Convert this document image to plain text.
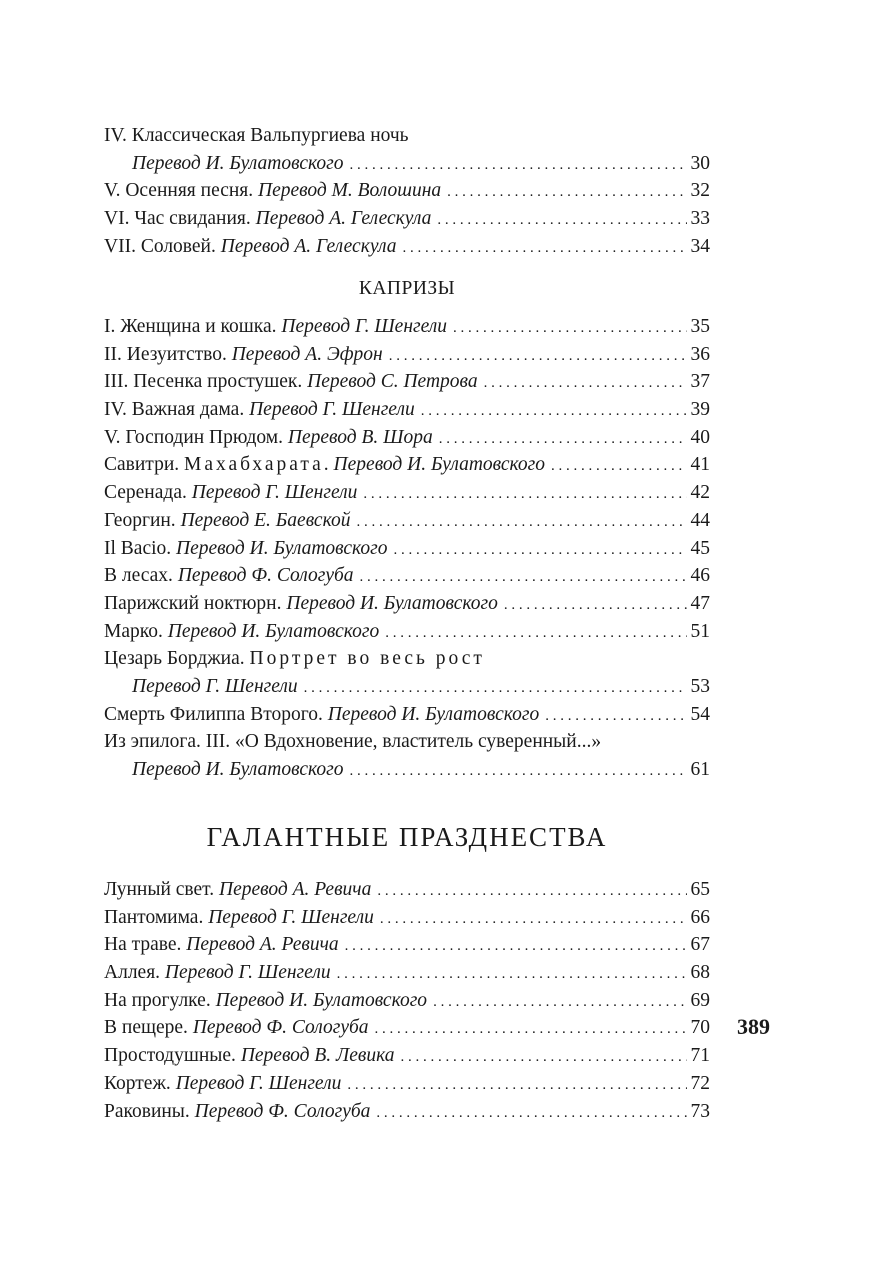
IV. Классическая Вальпургиева ночь
Перевод И. Булатовского . . .	30
V. Осенняя песня. Перевод М. Волошина . . .	32
VI. Час свидания. Перевод А. Гелескула . . .	33
VII. Соловей. Перевод А. Гелескула . . .	34
КАПРИЗЫ
I. Женщина и кошка. Перевод Г. Шенгели . . .	35
II. Иезуитство. Перевод А. Эфрон . . .	36
III. Песенка простушек. Перевод С. Петрова . . .	37
IV. Важная дама. Перевод Г. Шенгели . . .	39
V. Господин Прюдом. Перевод В. Шора . . .	40
Савитри. Махабхарата. Перевод И. Булатовского . . .	41
Серенада. Перевод Г. Шенгели . . .	42
Георгин. Перевод Е. Баевской . . .	44
Il Bacio. Перевод И. Булатовского . . .	45
В лесах. Перевод Ф. Сологуба . . .	46
Парижский ноктюрн. Перевод И. Булатовского . . .	47
Марко. Перевод И. Булатовского . . .	51
Цезарь Борджиа. Портрет во весь рост
Перевод Г. Шенгели . . .	53
Смерть Филиппа Второго. Перевод И. Булатовского . . .	54
Из эпилога. III. «О Вдохновение, властитель суверенный...»
Перевод И. Булатовского . . .	61
ГАЛАНТНЫЕ ПРАЗДНЕСТВА
Лунный свет. Перевод А. Ревича . . .	65
Пантомима. Перевод Г. Шенгели . . .	66
На траве. Перевод А. Ревича . . .	67
Аллея. Перевод Г. Шенгели . . .	68
На прогулке. Перевод И. Булатовского . . .	69
В пещере. Перевод Ф. Сологуба . . .	70
Простодушные. Перевод В. Левика . . .	71
Кортеж. Перевод Г. Шенгели . . .	72
Раковины. Перевод Ф. Сологуба . . .	73
389
